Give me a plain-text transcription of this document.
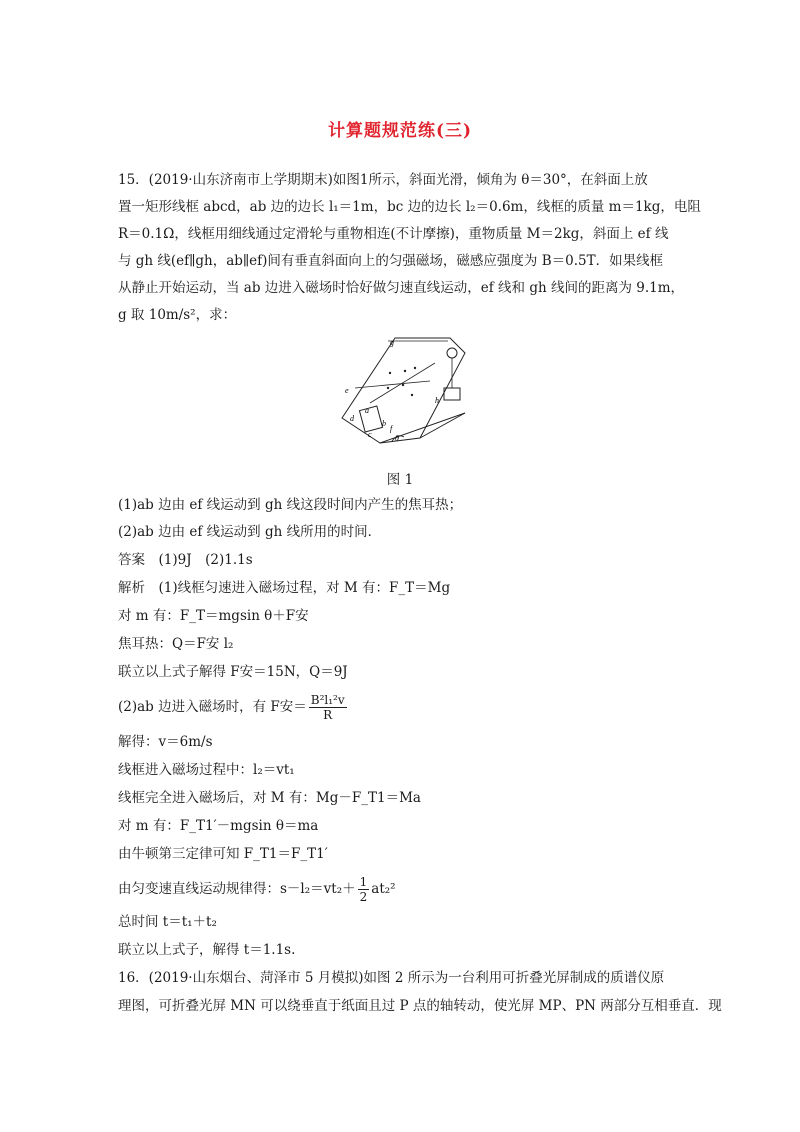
计算题规范练(三)
15．(2019·山东济南市上学期期末)如图1所示，斜面光滑，倾角为 θ＝30°，在斜面上放
置一矩形线框 abcd，ab 边的边长 l₁＝1m，bc 边的边长 l₂＝0.6m，线框的质量 m＝1kg，电阻
R＝0.1Ω，线框用细线通过定滑轮与重物相连(不计摩擦)，重物质量 M＝2kg，斜面上 ef 线
与 gh 线(ef∥gh，ab∥ef)间有垂直斜面向上的匀强磁场，磁感应强度为 B＝0.5T．如果线框
从静止开始运动，当 ab 边进入磁场时恰好做匀速直线运动，ef 线和 gh 线间的距离为 9.1m，
g 取 10m/s²，求：
g
e
a
b
c
d
f
h
θ
图 1
(1)ab 边由 ef 线运动到 gh 线这段时间内产生的焦耳热；
(2)ab 边由 ef 线运动到 gh 线所用的时间．
答案　(1)9J　(2)1.1s
解析　(1)线框匀速进入磁场过程，对 M 有：F_T＝Mg
对 m 有：F_T＝mgsin θ＋F安
焦耳热：Q＝F安 l₂
联立以上式子解得 F安＝15N，Q＝9J
(2)ab 边进入磁场时，有 F安＝ $\frac{\text{B²l₁²v}}{R}$
解得：v＝6m/s
线框进入磁场过程中：l₂＝vt₁
线框完全进入磁场后，对 M 有：Mg－F_T1＝Ma
对 m 有：F_T1′－mgsin θ＝ma
由牛顿第三定律可知 F_T1＝F_T1′
由匀变速直线运动规律得：$s-l_2=vt_2+ \frac{1}{2} at_2^2$
总时间 t＝t₁＋t₂
联立以上式子，解得 t＝1.1s.
16．(2019·山东烟台、菏泽市 5 月模拟)如图 2 所示为一台利用可折叠光屏制成的质谱仪原
理图，可折叠光屏 MN 可以绕垂直于纸面且过 P 点的轴转动，使光屏 MP、PN 两部分互相垂直．现
